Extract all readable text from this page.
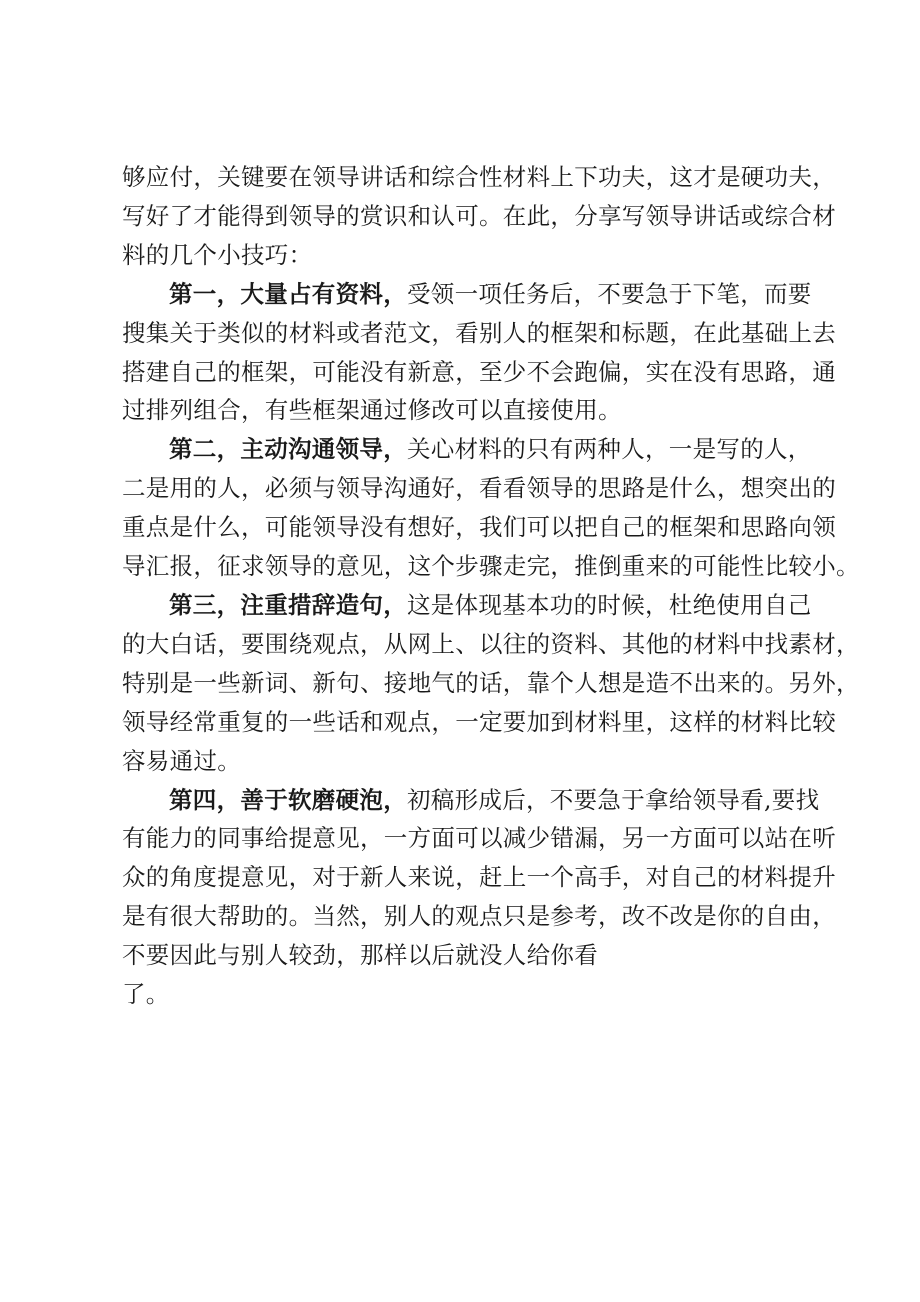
够应付，关键要在领导讲话和综合性材料上下功夫，这才是硬功夫，
写好了才能得到领导的赏识和认可。在此，分享写领导讲话或综合材
料的几个小技巧：
第一，大量占有资料，受领一项任务后，不要急于下笔，而要
搜集关于类似的材料或者范文，看别人的框架和标题，在此基础上去
搭建自己的框架，可能没有新意，至少不会跑偏，实在没有思路，通
过排列组合，有些框架通过修改可以直接使用。
第二，主动沟通领导，关心材料的只有两种人，一是写的人，
二是用的人，必须与领导沟通好，看看领导的思路是什么，想突出的
重点是什么，可能领导没有想好，我们可以把自己的框架和思路向领
导汇报，征求领导的意见，这个步骤走完，推倒重来的可能性比较小。
第三，注重措辞造句，这是体现基本功的时候，杜绝使用自己
的大白话，要围绕观点，从网上、以往的资料、其他的材料中找素材，
特别是一些新词、新句、接地气的话，靠个人想是造不出来的。另外，
领导经常重复的一些话和观点，一定要加到材料里，这样的材料比较
容易通过。
第四，善于软磨硬泡，初稿形成后，不要急于拿给领导看,要找
有能力的同事给提意见，一方面可以减少错漏，另一方面可以站在听
众的角度提意见，对于新人来说，赶上一个高手，对自己的材料提升
是有很大帮助的。当然，别人的观点只是参考，改不改是你的自由，
不要因此与别人较劲，那样以后就没人给你看
了。
